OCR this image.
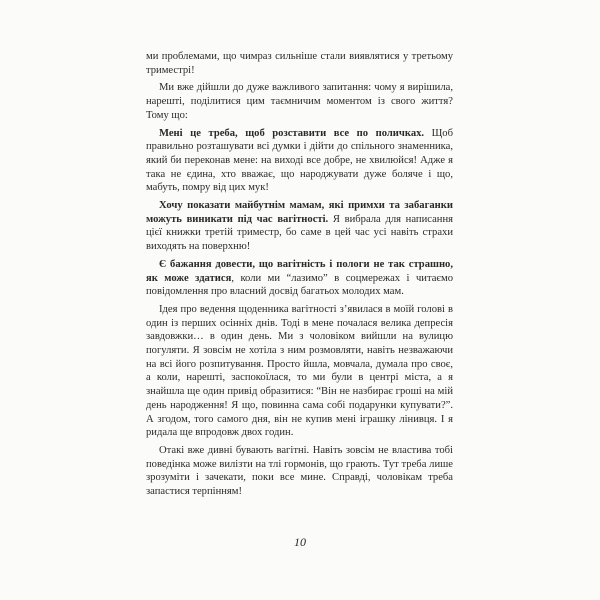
ми проблемами, що чимраз сильніше стали виявлятися у третьому триместрі!

Ми вже дійшли до дуже важливого запитання: чому я вирішила, нарешті, поділитися цим таємничим моментом із свого життя? Тому що:

Мені це треба, щоб розставити все по поличках. Щоб правильно розташувати всі думки і дійти до спільного знаменника, який би переконав мене: на виході все добре, не хвилюйся! Адже я така не єдина, хто вважає, що народжувати дуже боляче і що, мабуть, помру від цих мук!

Хочу показати майбутнім мамам, які примхи та забаганки можуть виникати під час вагітності. Я вибрала для написання цієї книжки третій триместр, бо саме в цей час усі навіть страхи виходять на поверхню!

Є бажання довести, що вагітність і пологи не так страшно, як може здатися, коли ми “лазимо” в соцмережах і читаємо повідомлення про власний досвід багатьох молодих мам.

Ідея про ведення щоденника вагітності з’явилася в моїй голові в один із перших осінніх днів. Тоді в мене почалася велика депресія завдовжки… в один день. Ми з чоловіком вийшли на вулицю погуляти. Я зовсім не хотіла з ним розмовляти, навіть незважаючи на всі його розпитування. Просто йшла, мовчала, думала про своє, а коли, нарешті, заспокоїлася, то ми були в центрі міста, а я знайшла ще один привід образитися: “Він не назбирає гроші на мій день народження! Я що, повинна сама собі подарунки купувати?”. А згодом, того самого дня, він не купив мені іграшку лінивця. І я ридала ще впродовж двох годин.

Отакі вже дивні бувають вагітні. Навіть зовсім не властива тобі поведінка може вилізти на тлі гормонів, що грають. Тут треба лише зрозуміти і зачекати, поки все мине. Справді, чоловікам треба запастися терпінням!

10
